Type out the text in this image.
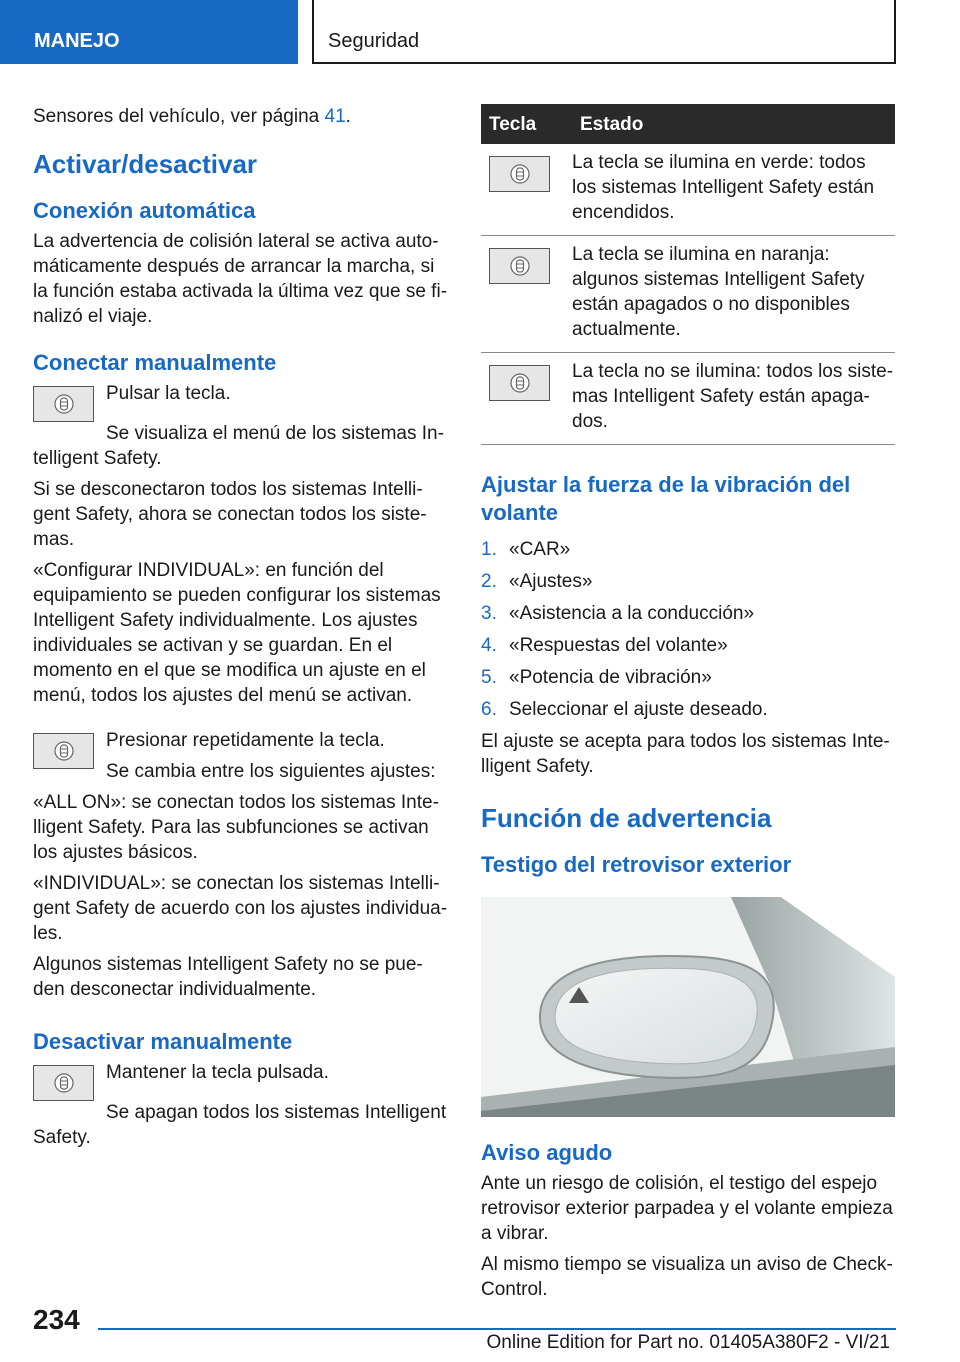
MANEJO	Seguridad

Sensores del vehículo, ver página 41.

Activar/desactivar
Conexión automática

La advertencia de colisión lateral se activa automáticamente después de arrancar la marcha, si la función estaba activada la última vez que se finalizó el viaje.

Conectar manualmente

Pulsar la tecla.

Se visualiza el menú de los sistemas Intelligent Safety.

Si se desconectaron todos los sistemas Intelligent Safety, ahora se conectan todos los sistemas.

«Configurar INDIVIDUAL»: en función del equipamiento se pueden configurar los sistemas Intelligent Safety individualmente. Los ajustes individuales se activan y se guardan. En el momento en el que se modifica un ajuste en el menú, todos los ajustes del menú se activan.

Presionar repetidamente la tecla.

Se cambia entre los siguientes ajustes:

«ALL ON»: se conectan todos los sistemas Intelligent Safety. Para las subfunciones se activan los ajustes básicos.

«INDIVIDUAL»: se conectan los sistemas Intelligent Safety de acuerdo con los ajustes individuales.

Algunos sistemas Intelligent Safety no se pueden desconectar individualmente.

Desactivar manualmente

Mantener la tecla pulsada.

Se apagan todos los sistemas Intelligent Safety.

Tecla	Estado

	La tecla se ilumina en verde: todos los sistemas Intelligent Safety están encendidos.

	La tecla se ilumina en naranja: algunos sistemas Intelligent Safety están apagados o no disponibles actualmente.

	La tecla no se ilumina: todos los sistemas Intelligent Safety están apagados.
Ajustar la fuerza de la vibración del volante
1. «CAR»
2. «Ajustes»
3. «Asistencia a la conducción»
4. «Respuestas del volante»
5. «Potencia de vibración»
6. Seleccionar el ajuste deseado.

El ajuste se acepta para todos los sistemas Intelligent Safety.

Función de advertencia
Testigo del retrovisor exterior
Aviso agudo

Ante un riesgo de colisión, el testigo del espejo retrovisor exterior parpadea y el volante empieza a vibrar.

Al mismo tiempo se visualiza un aviso de Check-Control.

234
Online Edition for Part no. 01405A380F2 - VI/21
